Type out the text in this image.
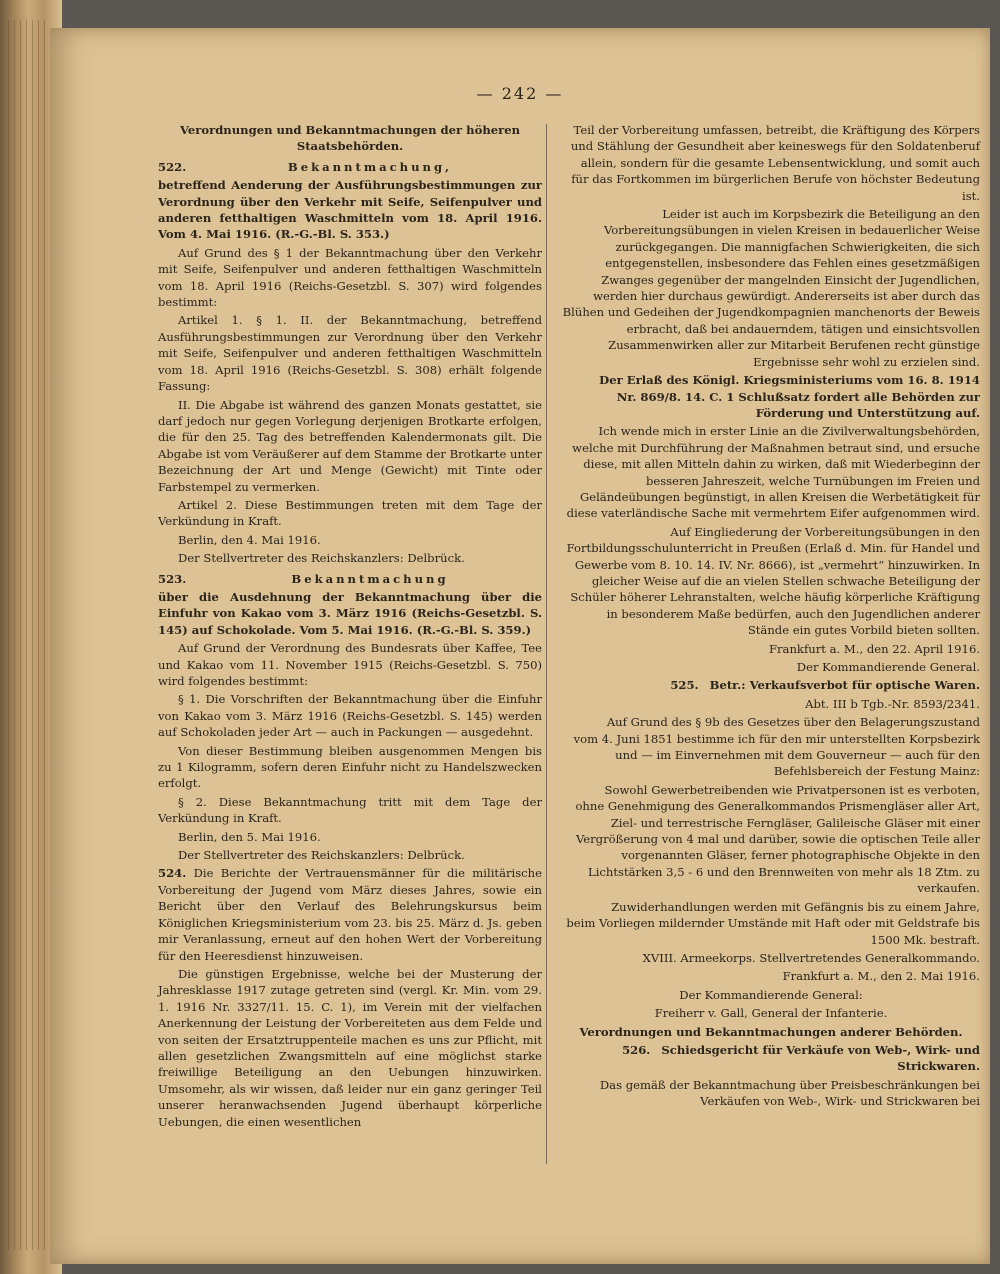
— 242 —

Verordnungen und Bekanntmachungen der höheren Staatsbehörden.

522.	Bekanntmachung,

betreffend Aenderung der Ausführungsbestimmungen zur Verordnung über den Verkehr mit Seife, Seifenpulver und anderen fetthaltigen Waschmitteln vom 18. April 1916. Vom 4. Mai 1916. (R.-G.-Bl. S. 353.)

Auf Grund des § 1 der Bekanntmachung über den Verkehr mit Seife, Seifenpulver und anderen fetthaltigen Waschmitteln vom 18. April 1916 (Reichs-Gesetzbl. S. 307) wird folgendes bestimmt:

Artikel 1. § 1. II. der Bekanntmachung, betreffend Ausführungsbestimmungen zur Verordnung über den Verkehr mit Seife, Seifenpulver und anderen fetthaltigen Waschmitteln vom 18. April 1916 (Reichs-Gesetzbl. S. 308) erhält folgende Fassung:

II. Die Abgabe ist während des ganzen Monats gestattet, sie darf jedoch nur gegen Vorlegung derjenigen Brotkarte erfolgen, die für den 25. Tag des betreffenden Kalendermonats gilt. Die Abgabe ist vom Veräußerer auf dem Stamme der Brotkarte unter Bezeichnung der Art und Menge (Gewicht) mit Tinte oder Farbstempel zu vermerken.

Artikel 2. Diese Bestimmungen treten mit dem Tage der Verkündung in Kraft.

Berlin, den 4. Mai 1916.

Der Stellvertreter des Reichskanzlers: Delbrück.

523.	Bekanntmachung

über die Ausdehnung der Bekanntmachung über die Einfuhr von Kakao vom 3. März 1916 (Reichs-Gesetzbl. S. 145) auf Schokolade. Vom 5. Mai 1916. (R.-G.-Bl. S. 359.)

Auf Grund der Verordnung des Bundesrats über Kaffee, Tee und Kakao vom 11. November 1915 (Reichs-Gesetzbl. S. 750) wird folgendes bestimmt:

§ 1. Die Vorschriften der Bekanntmachung über die Einfuhr von Kakao vom 3. März 1916 (Reichs-Gesetzbl. S. 145) werden auf Schokoladen jeder Art — auch in Packungen — ausgedehnt.

Von dieser Bestimmung bleiben ausgenommen Mengen bis zu 1 Kilogramm, sofern deren Einfuhr nicht zu Handelszwecken erfolgt.

§ 2. Diese Bekanntmachung tritt mit dem Tage der Verkündung in Kraft.

Berlin, den 5. Mai 1916.

Der Stellvertreter des Reichskanzlers: Delbrück.

524. Die Berichte der Vertrauensmänner für die militärische Vorbereitung der Jugend vom März dieses Jahres, sowie ein Bericht über den Verlauf des Belehrungskursus beim Königlichen Kriegsministerium vom 23. bis 25. März d. Js. geben mir Veranlassung, erneut auf den hohen Wert der Vorbereitung für den Heeresdienst hinzuweisen.

Die günstigen Ergebnisse, welche bei der Musterung der Jahresklasse 1917 zutage getreten sind (vergl. Kr. Min. vom 29. 1. 1916 Nr. 3327/11. 15. C. 1), im Verein mit der vielfachen Anerkennung der Leistung der Vorbereiteten aus dem Felde und von seiten der Ersatztruppenteile machen es uns zur Pflicht, mit allen gesetzlichen Zwangsmitteln auf eine möglichst starke freiwillige Beteiligung an den Uebungen hinzuwirken. Umsomehr, als wir wissen, daß leider nur ein ganz geringer Teil unserer heranwachsenden Jugend überhaupt körperliche Uebungen, die einen wesentlichen

Teil der Vorbereitung umfassen, betreibt, die Kräftigung des Körpers und Stählung der Gesundheit aber keineswegs für den Soldatenberuf allein, sondern für die gesamte Lebensentwicklung, und somit auch für das Fortkommen im bürgerlichen Berufe von höchster Bedeutung ist.

Leider ist auch im Korpsbezirk die Beteiligung an den Vorbereitungsübungen in vielen Kreisen in bedauerlicher Weise zurückgegangen. Die mannigfachen Schwierigkeiten, die sich entgegenstellen, insbesondere das Fehlen eines gesetzmäßigen Zwanges gegenüber der mangelnden Einsicht der Jugendlichen, werden hier durchaus gewürdigt. Andererseits ist aber durch das Blühen und Gedeihen der Jugendkompagnien manchenorts der Beweis erbracht, daß bei andauerndem, tätigen und einsichtsvollen Zusammenwirken aller zur Mitarbeit Berufenen recht günstige Ergebnisse sehr wohl zu erzielen sind.

Der Erlaß des Königl. Kriegsministeriums vom 16. 8. 1914 Nr. 869/8. 14. C. 1 Schlußsatz fordert alle Behörden zur Förderung und Unterstützung auf.

Ich wende mich in erster Linie an die Zivilverwaltungsbehörden, welche mit Durchführung der Maßnahmen betraut sind, und ersuche diese, mit allen Mitteln dahin zu wirken, daß mit Wiederbeginn der besseren Jahreszeit, welche Turnübungen im Freien und Geländeübungen begünstigt, in allen Kreisen die Werbetätigkeit für diese vaterländische Sache mit vermehrtem Eifer aufgenommen wird.

Auf Eingliederung der Vorbereitungsübungen in den Fortbildungsschulunterricht in Preußen (Erlaß d. Min. für Handel und Gewerbe vom 8. 10. 14. IV. Nr. 8666), ist „vermehrt“ hinzuwirken. In gleicher Weise auf die an vielen Stellen schwache Beteiligung der Schüler höherer Lehranstalten, welche häufig körperliche Kräftigung in besonderem Maße bedürfen, auch den Jugendlichen anderer Stände ein gutes Vorbild bieten sollten.

Frankfurt a. M., den 22. April 1916.

Der Kommandierende General.

525. Betr.: Verkaufsverbot für optische Waren.

Abt. III b Tgb.-Nr. 8593/2341.

Auf Grund des § 9b des Gesetzes über den Belagerungszustand vom 4. Juni 1851 bestimme ich für den mir unterstellten Korpsbezirk und — im Einvernehmen mit dem Gouverneur — auch für den Befehlsbereich der Festung Mainz:

Sowohl Gewerbetreibenden wie Privatpersonen ist es verboten, ohne Genehmigung des Generalkommandos Prismengläser aller Art, Ziel- und terrestrische Ferngläser, Galileische Gläser mit einer Vergrößerung von 4 mal und darüber, sowie die optischen Teile aller vorgenannten Gläser, ferner photographische Objekte in den Lichtstärken 3,5 - 6 und den Brennweiten von mehr als 18 Ztm. zu verkaufen.

Zuwiderhandlungen werden mit Gefängnis bis zu einem Jahre, beim Vorliegen mildernder Umstände mit Haft oder mit Geldstrafe bis 1500 Mk. bestraft.

XVIII. Armeekorps. Stellvertretendes Generalkommando.

Frankfurt a. M., den 2. Mai 1916.

Der Kommandierende General:

Freiherr v. Gall, General der Infanterie.

Verordnungen und Bekanntmachungen anderer Behörden.

526. Schiedsgericht für Verkäufe von Web-, Wirk- und Strickwaren.

Das gemäß der Bekanntmachung über Preisbeschränkungen bei Verkäufen von Web-, Wirk- und Strickwaren bei
